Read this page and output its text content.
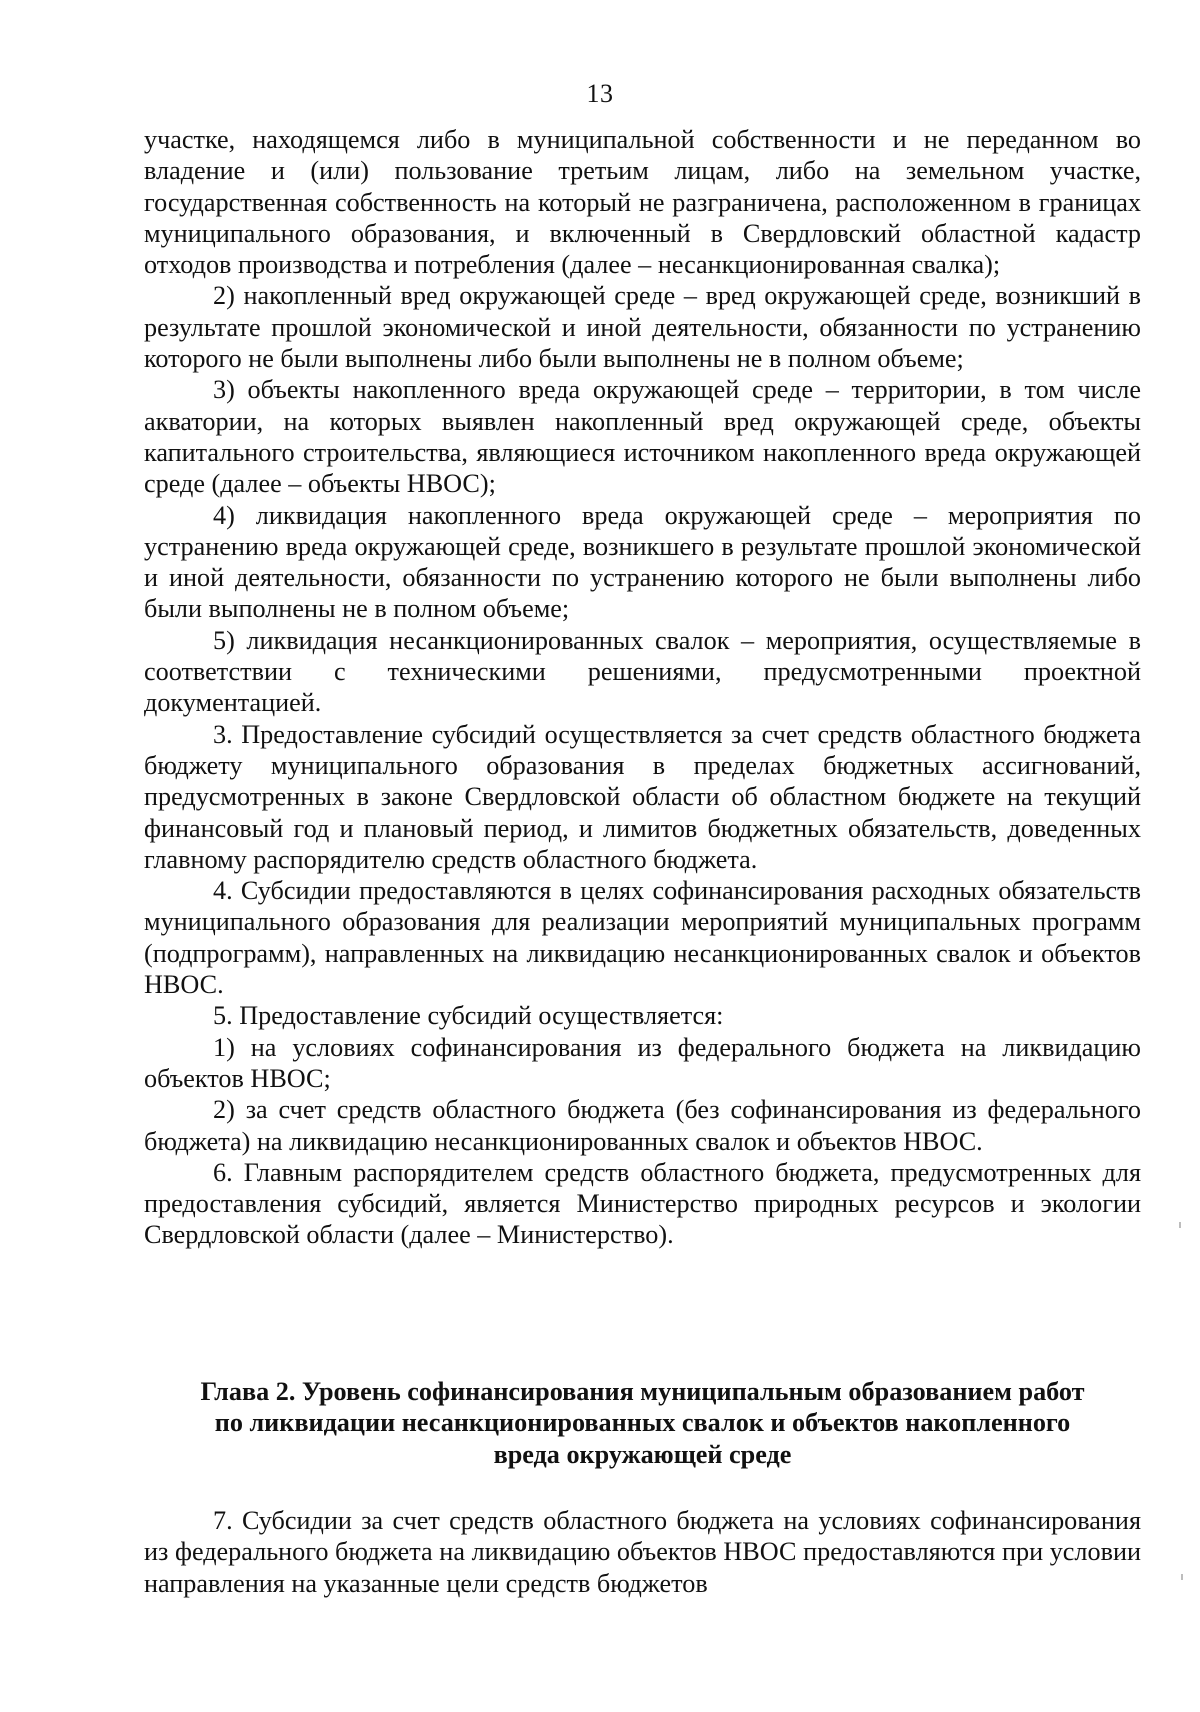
13

участке, находящемся либо в муниципальной собственности и не переданном во владение и (или) пользование третьим лицам, либо на земельном участке, государственная собственность на который не разграничена, расположенном в границах муниципального образования, и включенный в Свердловский областной кадастр отходов производства и потребления (далее – несанкционированная свалка);

2) накопленный вред окружающей среде – вред окружающей среде, возникший в результате прошлой экономической и иной деятельности, обязанности по устранению которого не были выполнены либо были выполнены не в полном объеме;

3) объекты накопленного вреда окружающей среде – территории, в том числе акватории, на которых выявлен накопленный вред окружающей среде, объекты капитального строительства, являющиеся источником накопленного вреда окружающей среде (далее – объекты НВОС);

4) ликвидация накопленного вреда окружающей среде – мероприятия по устранению вреда окружающей среде, возникшего в результате прошлой экономической и иной деятельности, обязанности по устранению которого не были выполнены либо были выполнены не в полном объеме;

5) ликвидация несанкционированных свалок – мероприятия, осуществляемые в соответствии с техническими решениями, предусмотренными проектной документацией.

3. Предоставление субсидий осуществляется за счет средств областного бюджета бюджету муниципального образования в пределах бюджетных ассигнований, предусмотренных в законе Свердловской области об областном бюджете на текущий финансовый год и плановый период, и лимитов бюджетных обязательств, доведенных главному распорядителю средств областного бюджета.

4. Субсидии предоставляются в целях софинансирования расходных обязательств муниципального образования для реализации мероприятий муниципальных программ (подпрограмм), направленных на ликвидацию несанкционированных свалок и объектов НВОС.

5. Предоставление субсидий осуществляется:

1) на условиях софинансирования из федерального бюджета на ликвидацию объектов НВОС;

2) за счет средств областного бюджета (без софинансирования из федерального бюджета) на ликвидацию несанкционированных свалок и объектов НВОС.

6. Главным распорядителем средств областного бюджета, предусмотренных для предоставления субсидий, является Министерство природных ресурсов и экологии Свердловской области (далее – Министерство).

Глава 2. Уровень софинансирования муниципальным образованием работ
по ликвидации несанкционированных свалок и объектов накопленного
вреда окружающей среде

7. Субсидии за счет средств областного бюджета на условиях софинансирования из федерального бюджета на ликвидацию объектов НВОС предоставляются при условии направления на указанные цели средств бюджетов
